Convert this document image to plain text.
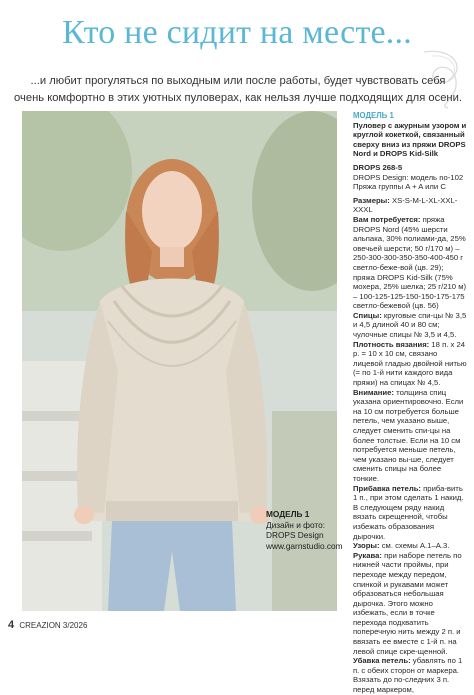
Кто не сидит на месте...
...и любит прогуляться по выходным или после работы, будет чувствовать себя
очень комфортно в этих уютных пуловерах, как нельзя лучше подходящих для осени.
МОДЕЛЬ 1
Дизайн и фото:
DROPS Design
www.garnstudio.com

МОДЕЛЬ 1

Пуловер с ажурным узором и круглой кокеткой, связанный сверху вниз из пряжи DROPS Nord и DROPS Kid-Silk

DROPS 268-5

DROPS Design: модель no-102

Пряжа группы A + A или C

Размеры: XS-S-M-L-XL-XXL-XXXL

Вам потребуется: пряжа DROPS Nord (45% шерсти альпака, 30% полиами-да, 25% овечьей шерсти; 50 г/170 м) – 250-300-300-350-350-400-450 г светло-беже-вой (цв. 29); пряжа DROPS Kid-Silk (75% мохера, 25% шелка; 25 г/210 м) – 100-125-125-150-150-175-175 светло-бежевой (цв. 56)

Спицы: круговые спи-цы № 3,5 и 4,5 длиной 40 и 80 см; чулочные спицы № 3,5 и 4,5.

Плотность вязания: 18 п. x 24 р. = 10 x 10 см, связано лицевой гладью двойной нитью (= по 1-й нити каждого вида пряжи) на спицах № 4,5.

Внимание: толщина спиц указана ориентировочно. Если на 10 см потребуется больше петель, чем указано выше, следует сменить спи-цы на более толстые. Если на 10 см потребуется меньше петель, чем указано вы-ше, следует сменить спицы на более тонкие.

Прибавка петель: приба-вить 1 п., при этом сделать 1 накид. В следующем ряду накид вязать скрещенной, чтобы избежать образования дырочки.

Узоры: см. схемы A.1–A.3.

Рукава: при наборе петель по нижней части проймы, при переходе между передом, спинкой и рукавами может образоваться небольшая дырочка. Этого можно избежать, если в точке перехода подхватить поперечную нить между 2 п. и ввязать ее вместе с 1-й п. на левой спице скре-щенной.

Убавка петель: убавлять по 1 п. с обеих сторон от маркера. Взязать до по-следних 3 п. перед маркером,

4 CREAZION 3/2026
